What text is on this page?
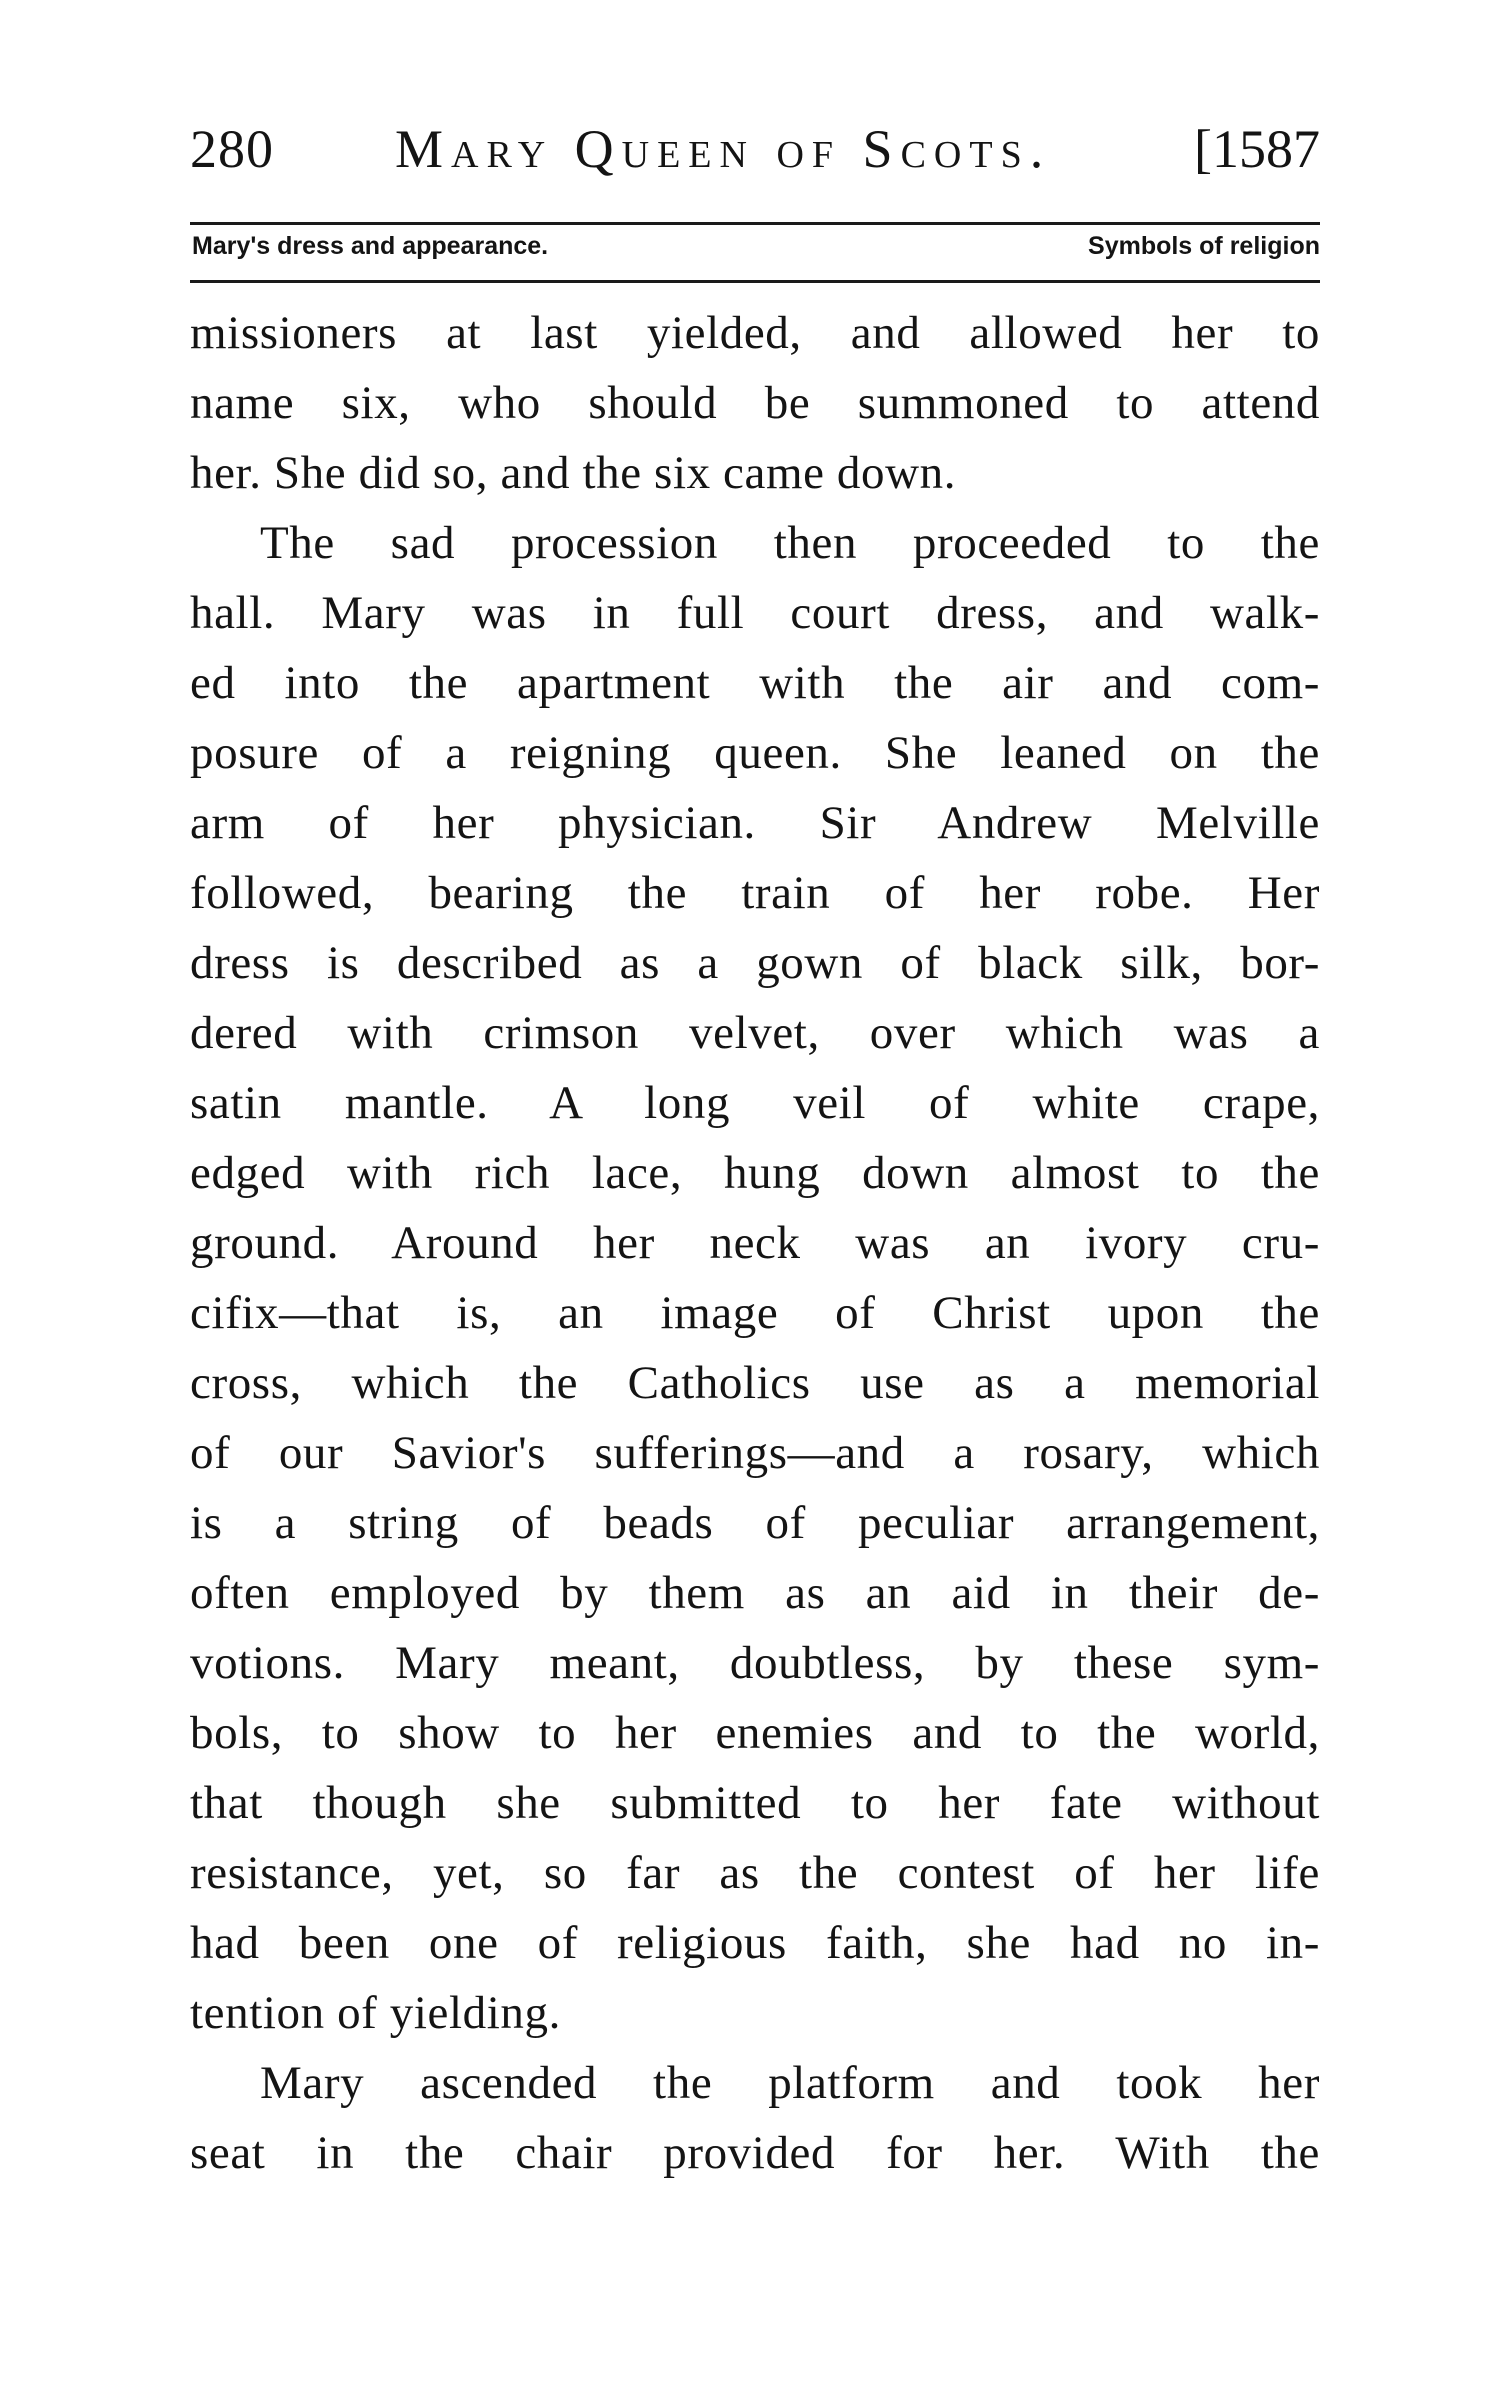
280 Mary Queen of Scots.	[1587
Mary's dress and appearance.	Symbols of religion
missioners at last yielded, and allowed her to
name six, who should be summoned to attend
her. She did so, and the six came down.
The sad procession then proceeded to the
hall. Mary was in full court dress, and walk-
ed into the apartment with the air and com-
posure of a reigning queen. She leaned on the
arm of her physician. Sir Andrew Melville
followed, bearing the train of her robe. Her
dress is described as a gown of black silk, bor-
dered with crimson velvet, over which was a
satin mantle. A long veil of white crape,
edged with rich lace, hung down almost to the
ground. Around her neck was an ivory cru-
cifix—that is, an image of Christ upon the
cross, which the Catholics use as a memorial
of our Savior's sufferings—and a rosary, which
is a string of beads of peculiar arrangement,
often employed by them as an aid in their de-
votions. Mary meant, doubtless, by these sym-
bols, to show to her enemies and to the world,
that though she submitted to her fate without
resistance, yet, so far as the contest of her life
had been one of religious faith, she had no in-
tention of yielding.
Mary ascended the platform and took her
seat in the chair provided for her. With the
